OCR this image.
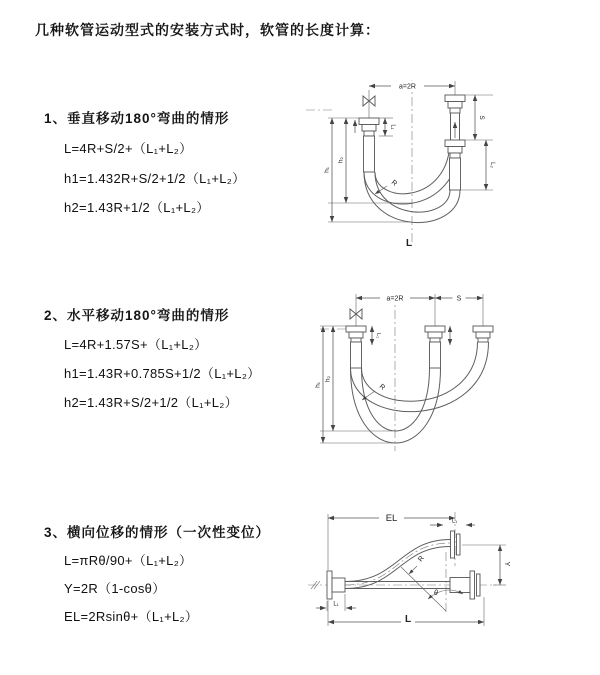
几种软管运动型式的安装方式时，软管的长度计算：
1、垂直移动180°弯曲的情形
L=4R+S/2+（L₁+L₂）
h1=1.432R+S/2+1/2（L₁+L₂）
h2=1.43R+1/2（L₁+L₂）
2、水平移动180°弯曲的情形
L=4R+1.57S+（L₁+L₂）
h1=1.43R+0.785S+1/2（L₁+L₂）
h2=1.43R+S/2+1/2（L₁+L₂）
3、横向位移的情形（一次性变位）
L=πRθ/90+（L₁+L₂）
Y=2R（1-cosθ）
EL=2Rsinθ+（L₁+L₂）
a=2R
L₁
S
L₂
h₁
h₂
R
L
a=2R	S
L₁
h₁
h₂
R
θ
EL	L₁
Y
R
L₁
L
